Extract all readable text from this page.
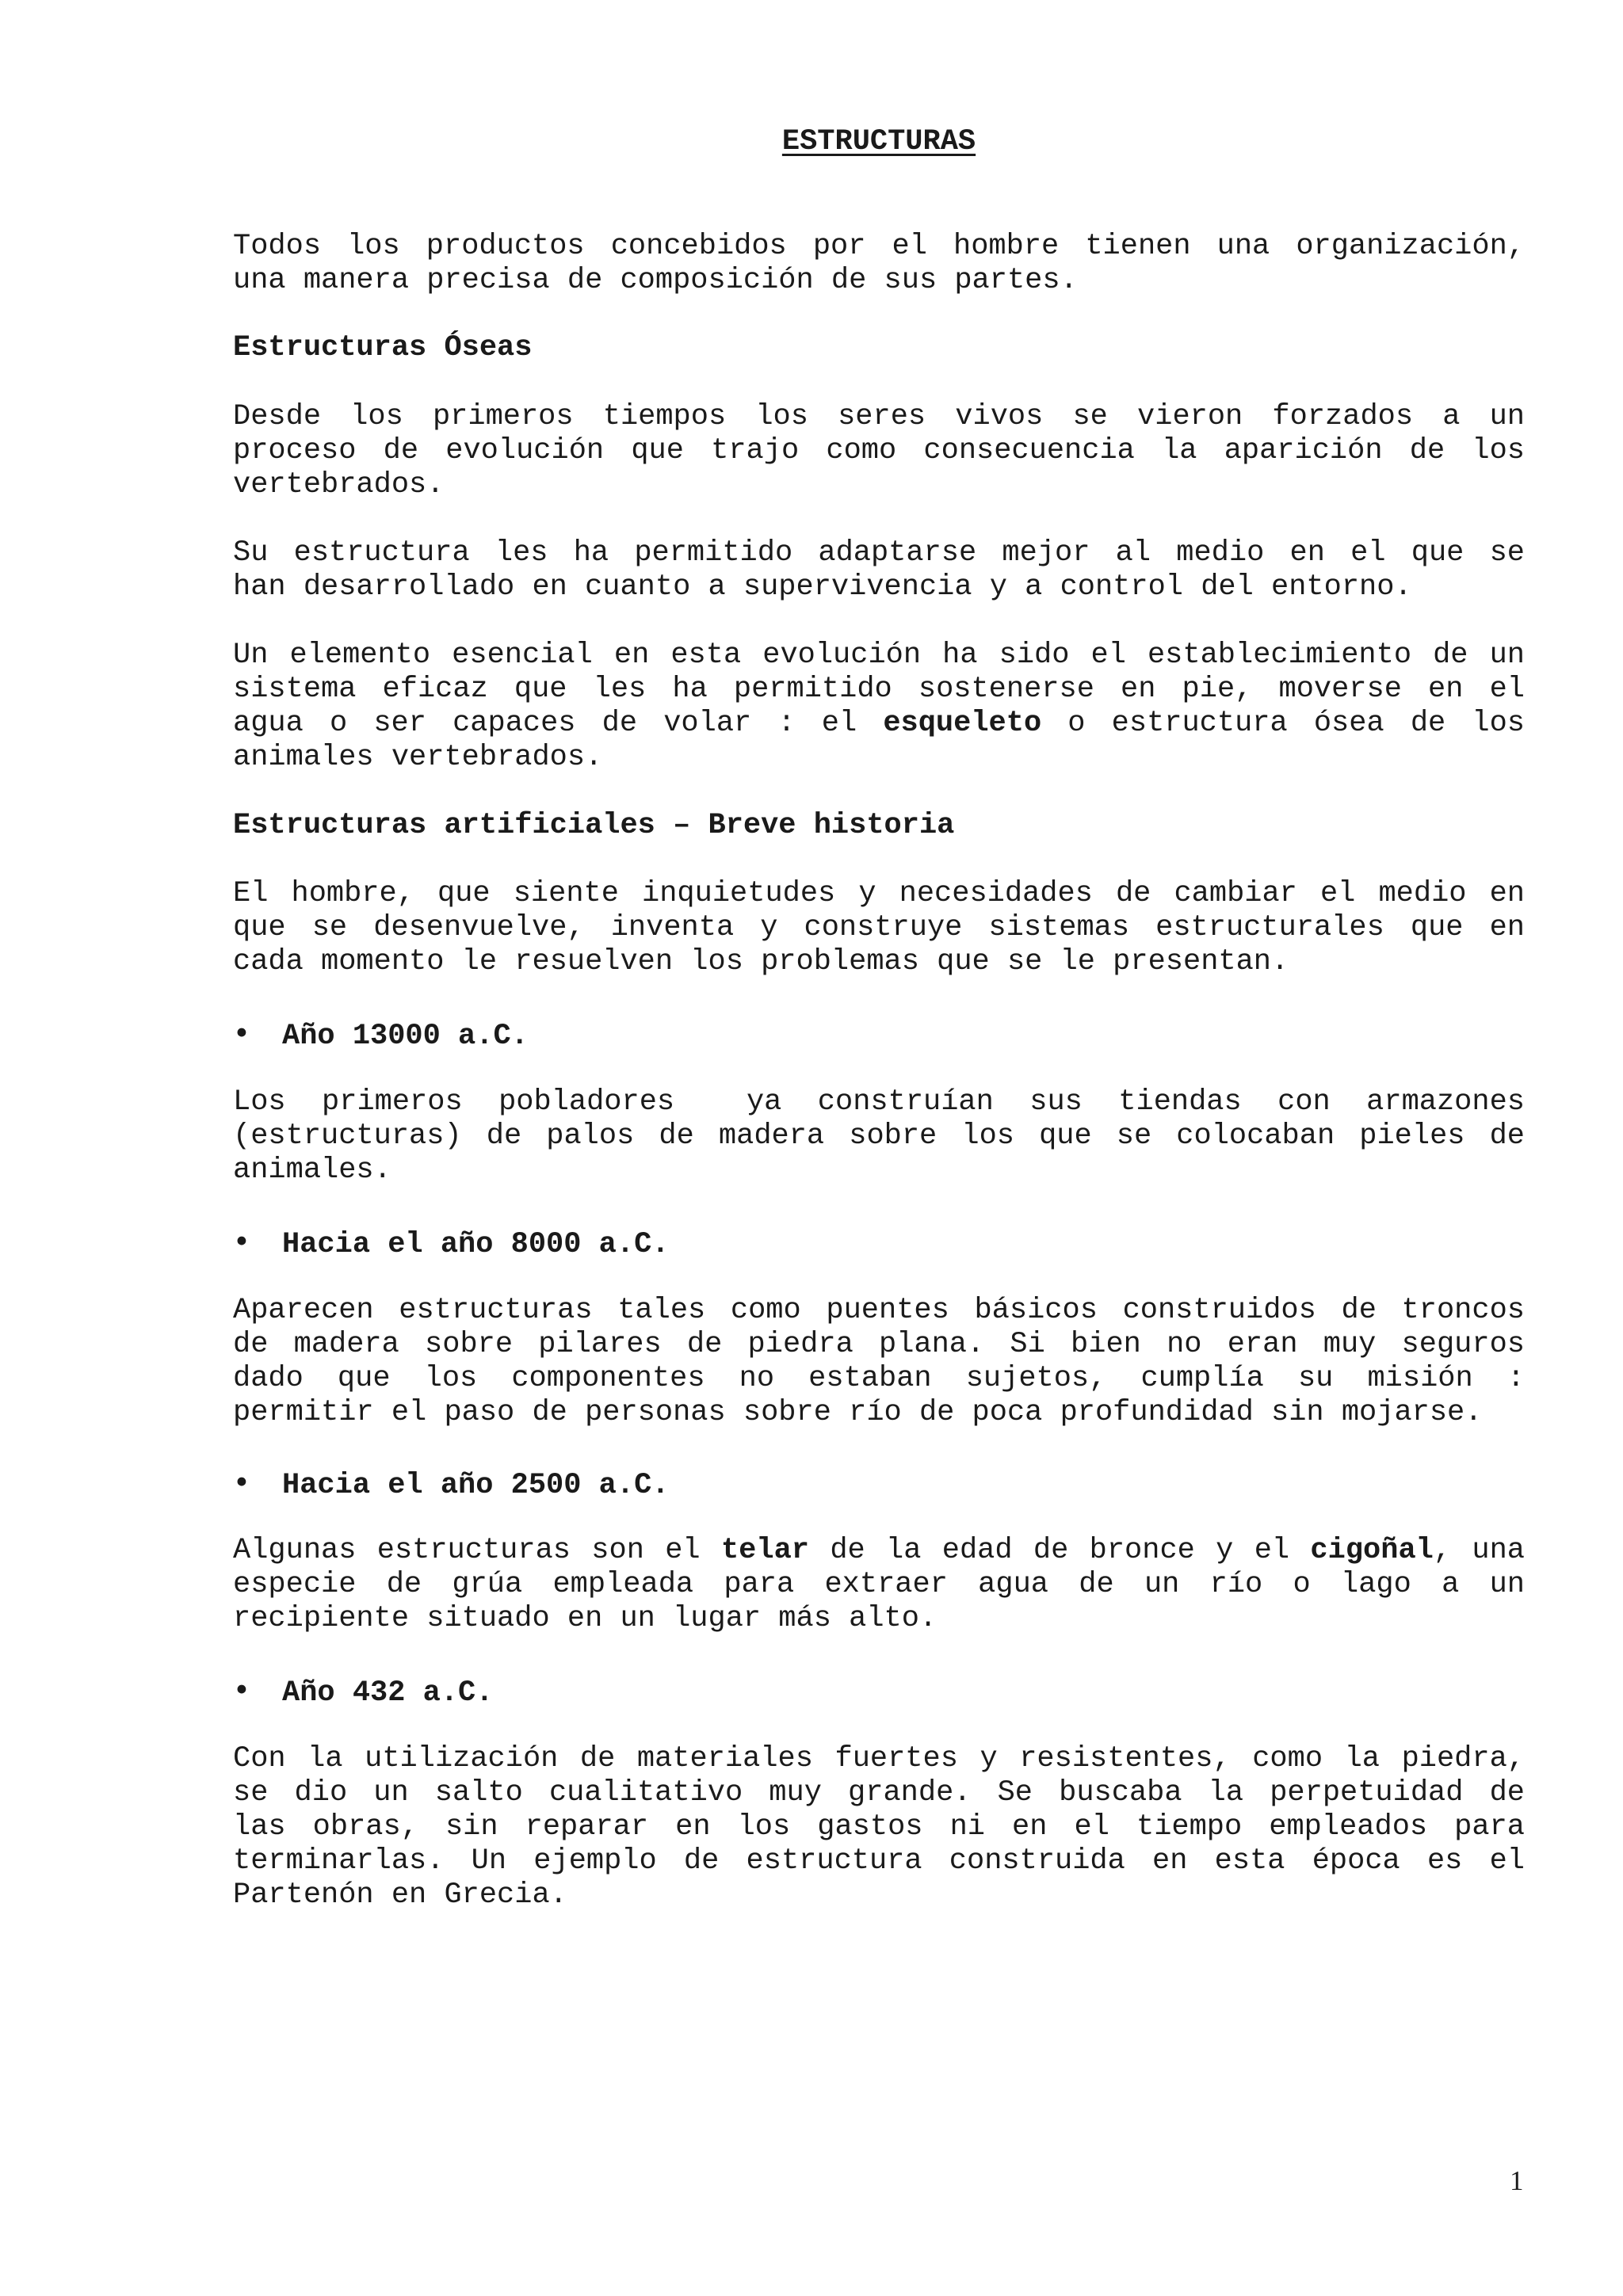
ESTRUCTURAS
Todos los productos concebidos por el hombre tienen una organización,
una manera precisa de composición de sus partes.
Estructuras Óseas
Desde los primeros tiempos los seres vivos se vieron forzados a un
proceso de evolución que trajo como consecuencia la aparición de los
vertebrados.
Su estructura les ha permitido adaptarse mejor al medio en el que se
han desarrollado en cuanto a supervivencia y a control del entorno.
Un elemento esencial en esta evolución ha sido el establecimiento de un
sistema eficaz que les ha permitido sostenerse en pie, moverse en el
agua o ser capaces de volar : el esqueleto o estructura ósea de los
animales vertebrados.
Estructuras artificiales – Breve historia
El hombre, que siente inquietudes y necesidades de cambiar el medio en
que se desenvuelve, inventa y construye sistemas estructurales que en
cada momento le resuelven los problemas que se le presentan.
• Año 13000 a.C.
Los primeros pobladores  ya construían sus tiendas con armazones
(estructuras) de palos de madera sobre los que se colocaban pieles de
animales.
• Hacia el año 8000 a.C.
Aparecen estructuras tales como puentes básicos construidos de troncos
de madera sobre pilares de piedra plana. Si bien no eran muy seguros
dado que los componentes no estaban sujetos, cumplía su misión :
permitir el paso de personas sobre río de poca profundidad sin mojarse.
• Hacia el año 2500 a.C.
Algunas estructuras son el telar de la edad de bronce y el cigoñal, una
especie de grúa empleada para extraer agua de un río o lago a un
recipiente situado en un lugar más alto.
• Año 432 a.C.
Con la utilización de materiales fuertes y resistentes, como la piedra,
se dio un salto cualitativo muy grande. Se buscaba la perpetuidad de
las obras, sin reparar en los gastos ni en el tiempo empleados para
terminarlas. Un ejemplo de estructura construida en esta época es el
Partenón en Grecia.
1
